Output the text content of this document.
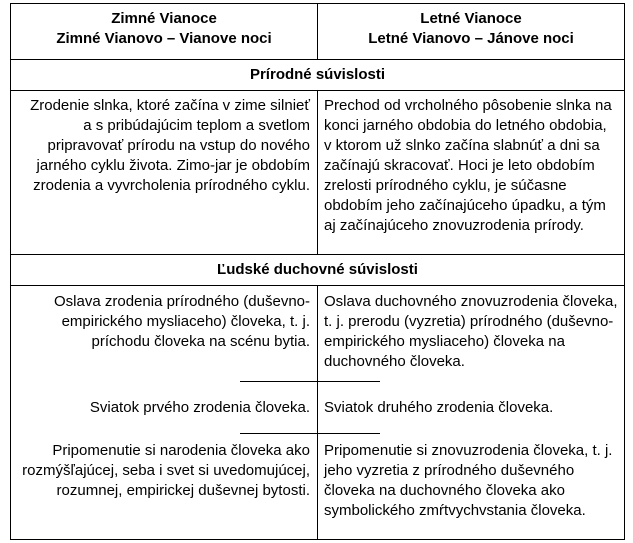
Zimné Vianoce
Zimné Vianovo – Vianove noci
Letné Vianoce
Letné Vianovo – Jánove noci
Prírodné súvislosti
Zrodenie slnka, ktoré začína v zime silnieť a s pribúdajúcim teplom a svetlom pripravovať prírodu na vstup do nového jarného cyklu života. Zimo-jar je obdobím zrodenia a vyvrcholenia prírodného cyklu.
Prechod od vrcholného pôsobenie slnka na konci jarného obdobia do letného obdobia, v ktorom už slnko začína slabnúť a dni sa začínajú skracovať. Hoci je leto obdobím zrelosti prírodného cyklu, je súčasne obdobím jeho začínajúceho úpadku, a tým aj začínajúceho znovuzrodenia prírody.
Ľudské duchovné súvislosti
Oslava zrodenia prírodného (duševno-empirického mysliaceho) človeka, t. j. príchodu človeka na scénu bytia.
Oslava duchovného znovuzrodenia človeka, t. j. prerodu (vyzretia) prírodného (duševno-empirického mysliaceho) človeka na duchovného človeka.
Sviatok prvého zrodenia človeka. Sviatok druhého zrodenia človeka.
Pripomenutie si narodenia človeka ako rozmýšľajúcej, seba i svet si uvedomujúcej, rozumnej, empirickej duševnej bytosti.
Pripomenutie si znovuzrodenia človeka, t. j. jeho vyzretia z prírodného duševného človeka na duchovného človeka ako symbolického zmŕtvychvstania človeka.
